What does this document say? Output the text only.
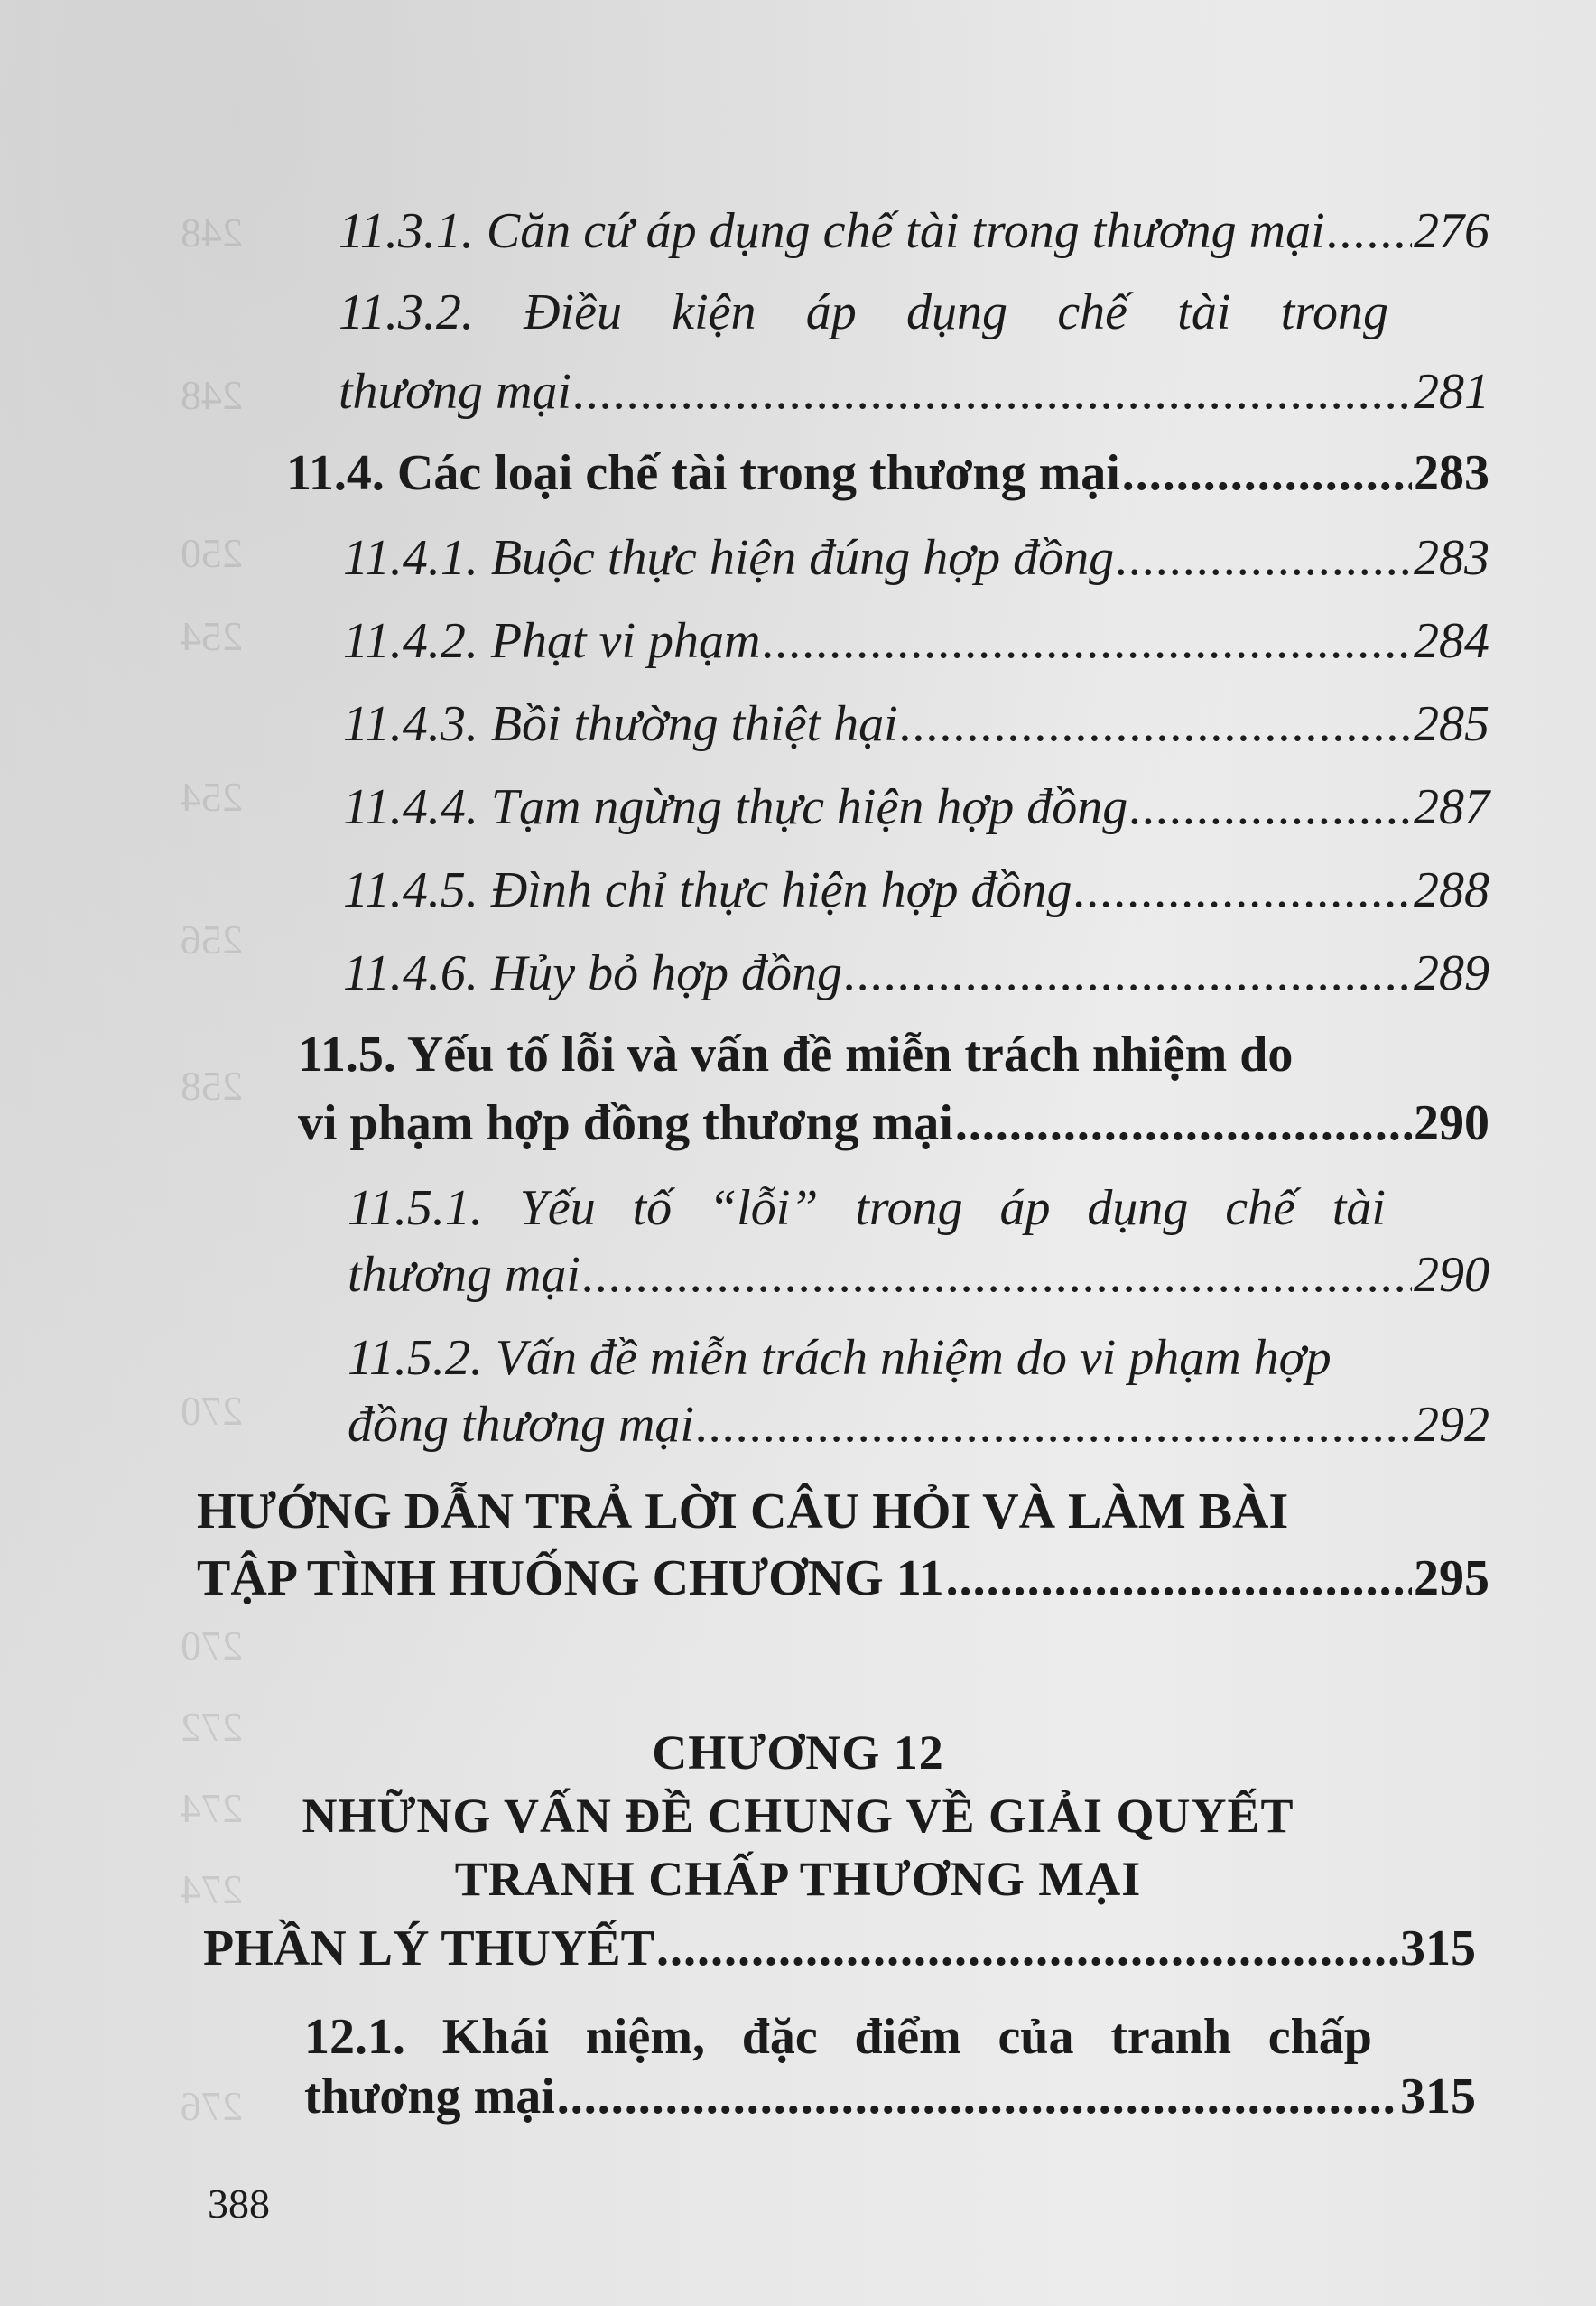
248
248
250
254
254
256
258
270
270
272
274
274
276
11.3.1. Căn cứ áp dụng chế tài trong thương mại ..... 276
11.3.2. Điều kiện áp dụng chế tài trong
thương mại .....	281
11.4. Các loại chế tài trong thương mại .....	283
11.4.1. Buộc thực hiện đúng hợp đồng .....	283
11.4.2. Phạt vi phạm .....	284
11.4.3. Bồi thường thiệt hại .....	285
11.4.4. Tạm ngừng thực hiện hợp đồng .....	287
11.4.5. Đình chỉ thực hiện hợp đồng .....	288
11.4.6. Hủy bỏ hợp đồng .....	289
11.5. Yếu tố lỗi và vấn đề miễn trách nhiệm do
vi phạm hợp đồng thương mại .....	290
11.5.1. Yếu tố “lỗi” trong áp dụng chế tài
thương mại .....	290
11.5.2. Vấn đề miễn trách nhiệm do vi phạm hợp
đồng thương mại .....	292
HƯỚNG DẪN TRẢ LỜI CÂU HỎI VÀ LÀM BÀI
TẬP TÌNH HUỐNG CHƯƠNG 11 .....	295
CHƯƠNG 12
NHỮNG VẤN ĐỀ CHUNG VỀ GIẢI QUYẾT
TRANH CHẤP THƯƠNG MẠI
PHẦN LÝ THUYẾT .....	315
12.1. Khái niệm, đặc điểm của tranh chấp
thương mại .....	315
388
